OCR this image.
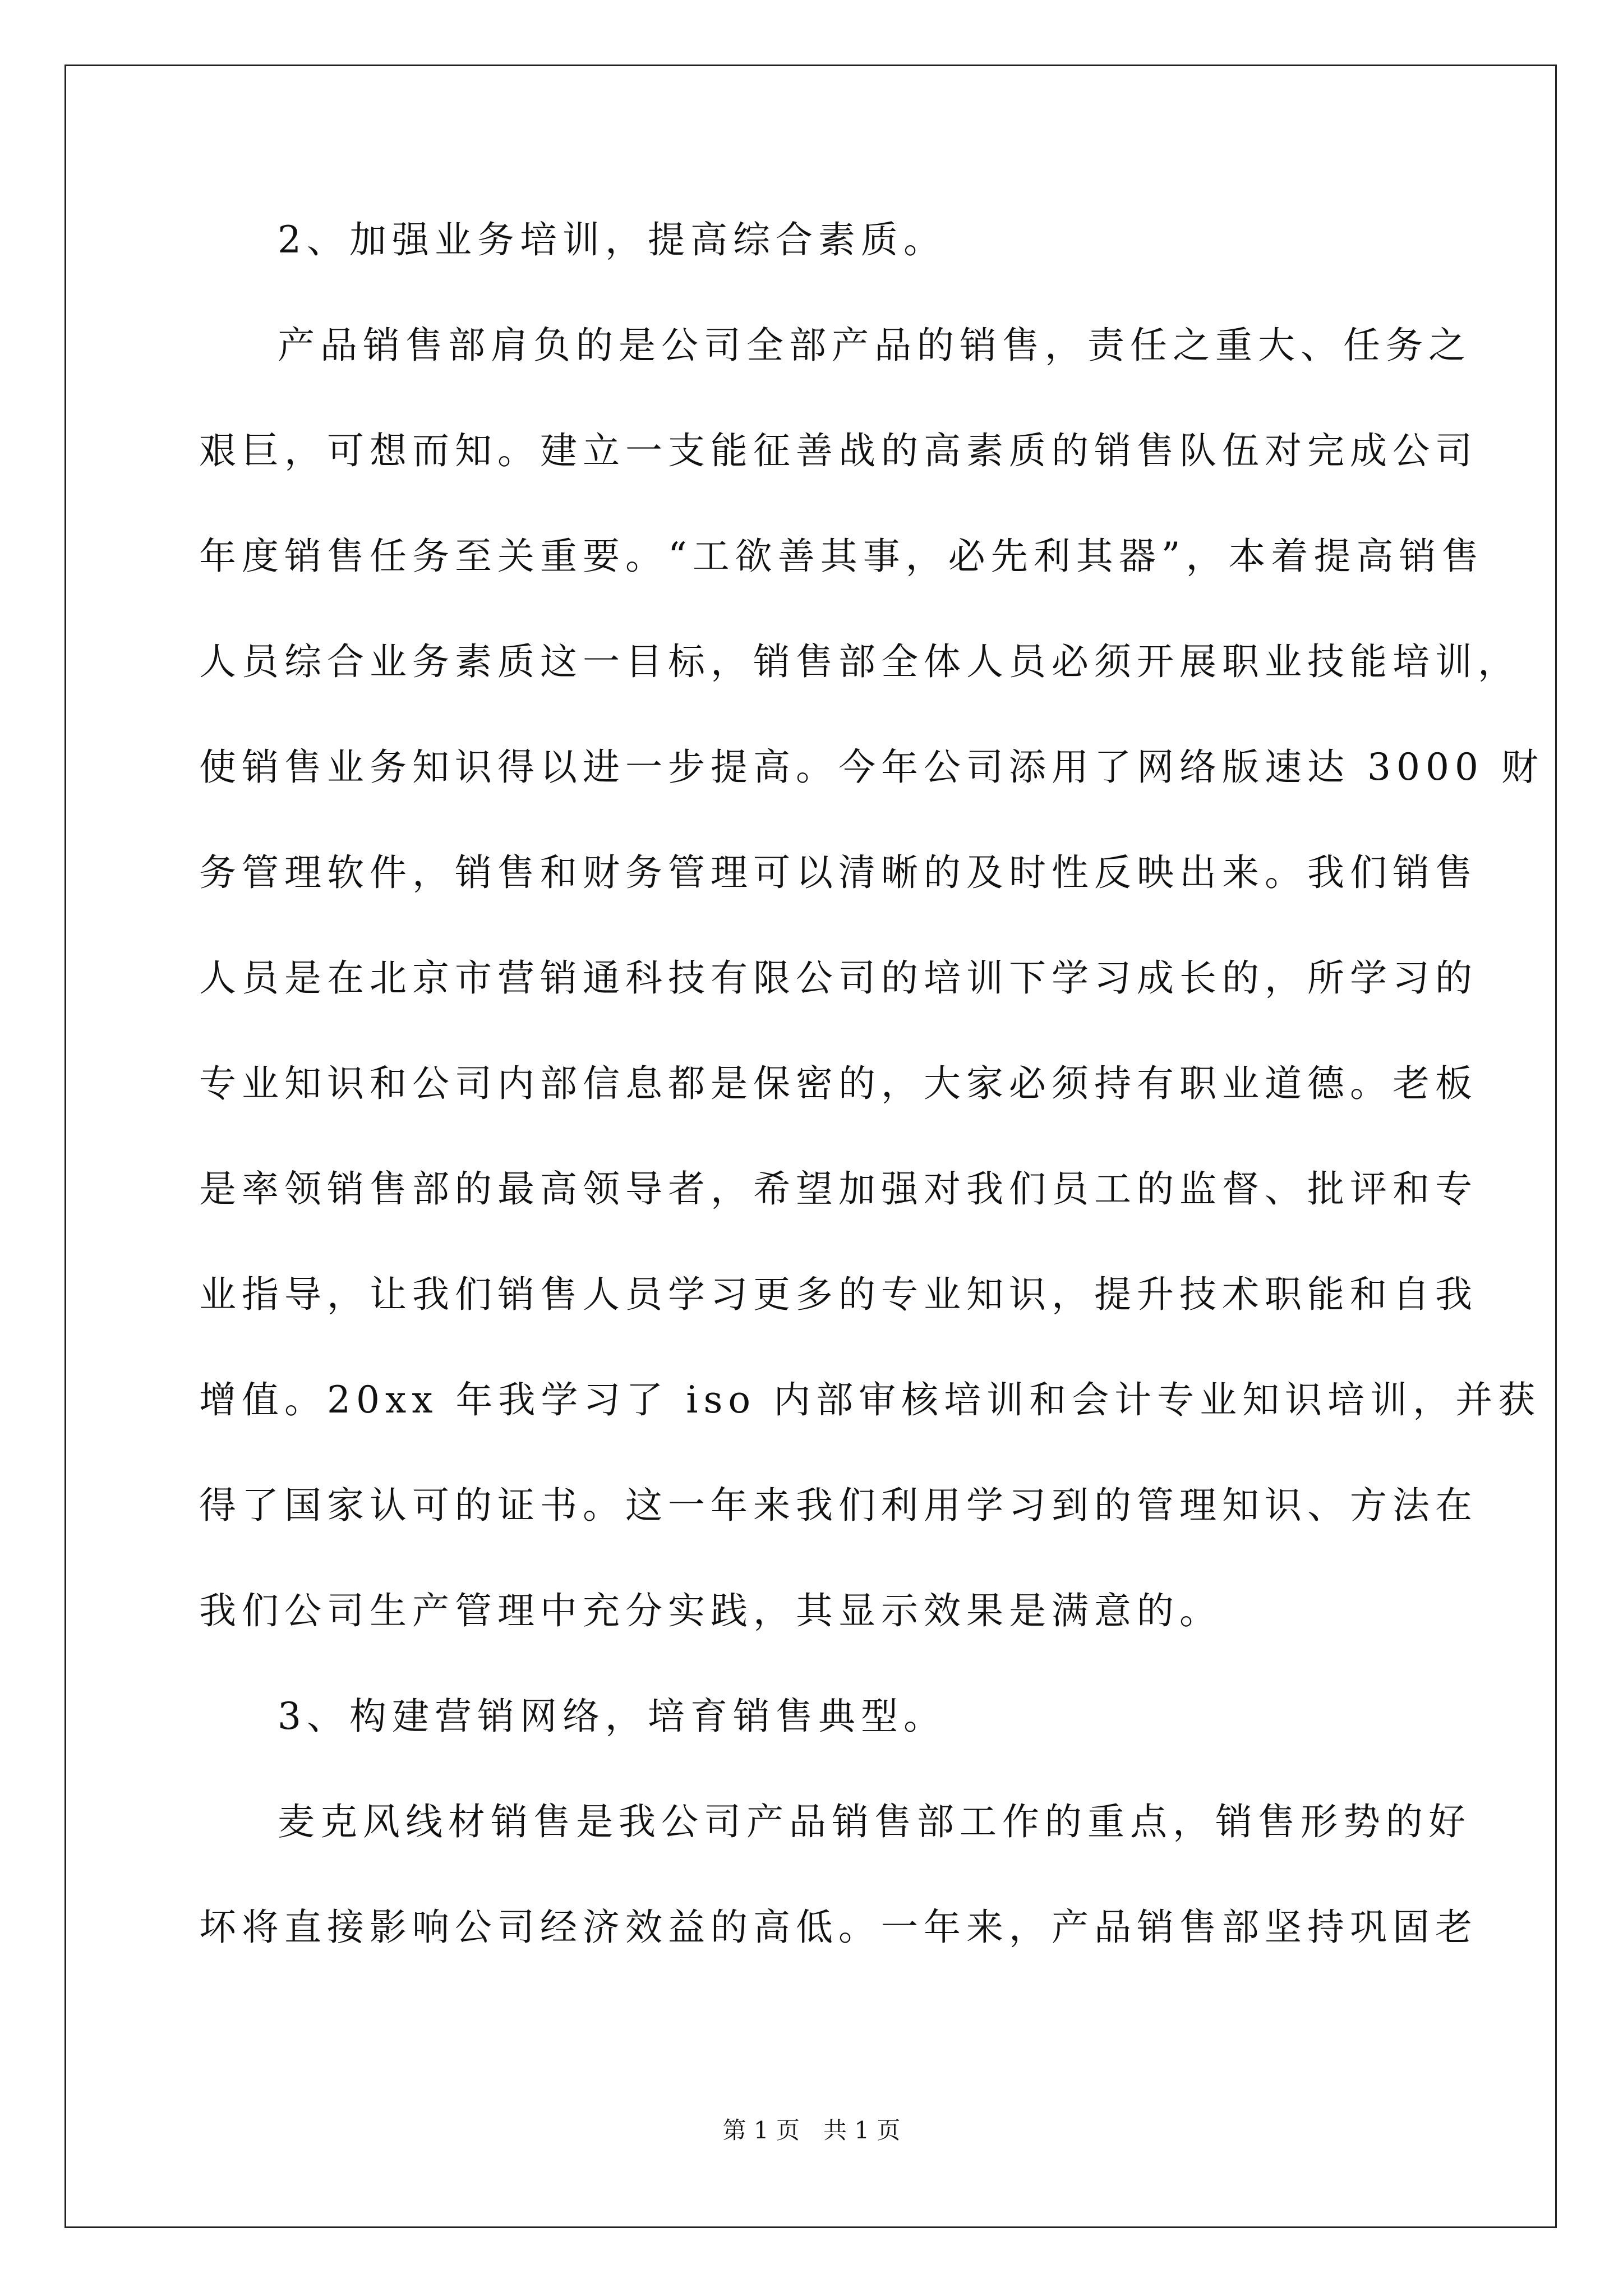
2、加强业务培训，提高综合素质。
产品销售部肩负的是公司全部产品的销售，责任之重大、任务之
艰巨，可想而知。建立一支能征善战的高素质的销售队伍对完成公司
年度销售任务至关重要。“工欲善其事，必先利其器”，本着提高销售
人员综合业务素质这一目标，销售部全体人员必须开展职业技能培训，
使销售业务知识得以进一步提高。今年公司添用了网络版速达 3000 财
务管理软件，销售和财务管理可以清晰的及时性反映出来。我们销售
人员是在北京市营销通科技有限公司的培训下学习成长的，所学习的
专业知识和公司内部信息都是保密的，大家必须持有职业道德。老板
是率领销售部的最高领导者，希望加强对我们员工的监督、批评和专
业指导，让我们销售人员学习更多的专业知识，提升技术职能和自我
增值。20xx 年我学习了 iso 内部审核培训和会计专业知识培训，并获
得了国家认可的证书。这一年来我们利用学习到的管理知识、方法在
我们公司生产管理中充分实践，其显示效果是满意的。
3、构建营销网络，培育销售典型。
麦克风线材销售是我公司产品销售部工作的重点，销售形势的好
坏将直接影响公司经济效益的高低。一年来，产品销售部坚持巩固老
第 1 页　共 1 页
